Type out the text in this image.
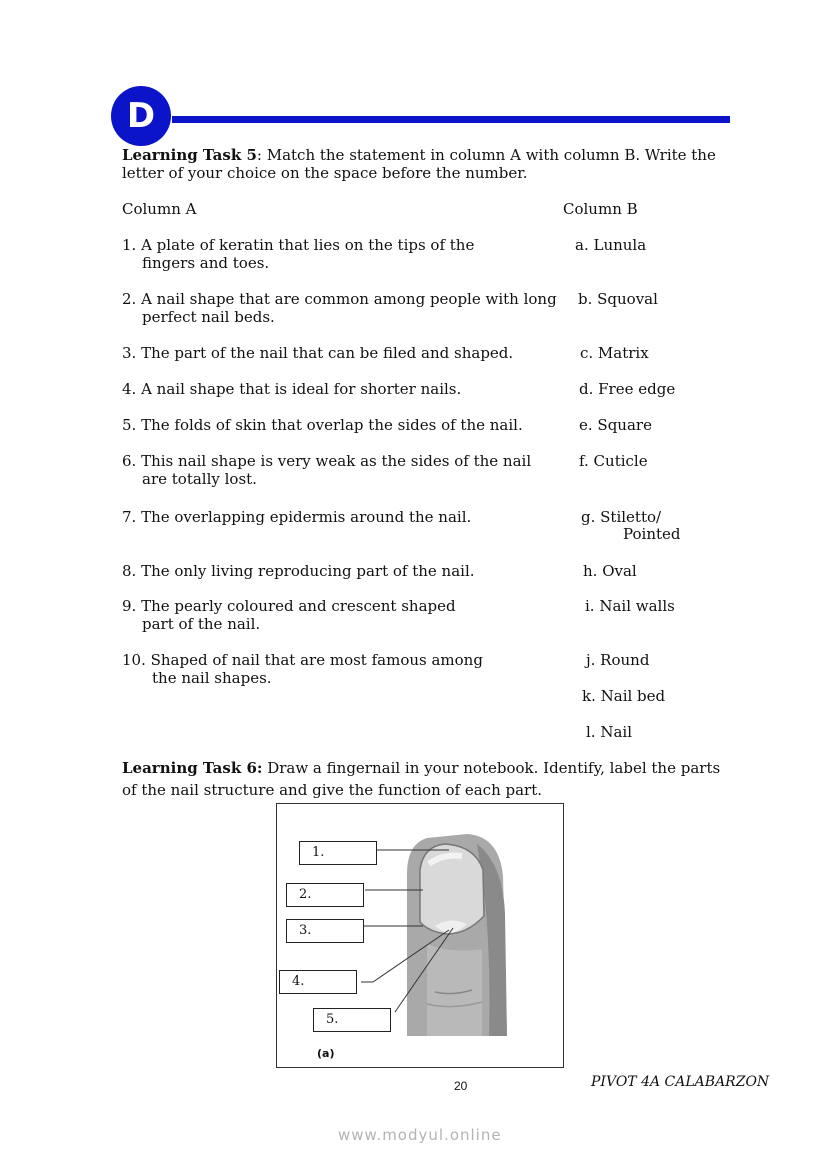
D
Learning Task 5: Match the statement in column A with column B. Write the
letter of your choice on the space before the number.
Column A	Column B
1. A plate of keratin that lies on the tips of the
fingers and toes.
2. A nail shape that are common among people with long
perfect nail beds.
3. The part of the nail that can be filed and shaped.
4. A nail shape that is ideal for shorter nails.
5. The folds of skin that overlap the sides of the nail.
6. This nail shape is very weak as the sides of the nail
are totally lost.
7. The overlapping epidermis around the nail.
8. The only living reproducing part of the nail.
9. The pearly coloured and crescent shaped
part of the nail.
10. Shaped of nail that are most famous among
the nail shapes.
a. Lunula
b. Squoval
c. Matrix
d. Free edge
e. Square
f. Cuticle
g. Stiletto/
Pointed
h. Oval
i. Nail walls
j. Round
k. Nail bed
l. Nail
Learning Task 6: Draw a fingernail in your notebook. Identify, label the parts
of the nail structure and give the function of each part.
1.
2.
3.
4.
5.
(a)
20	PIVOT 4A CALABARZON
www.modyul.online
